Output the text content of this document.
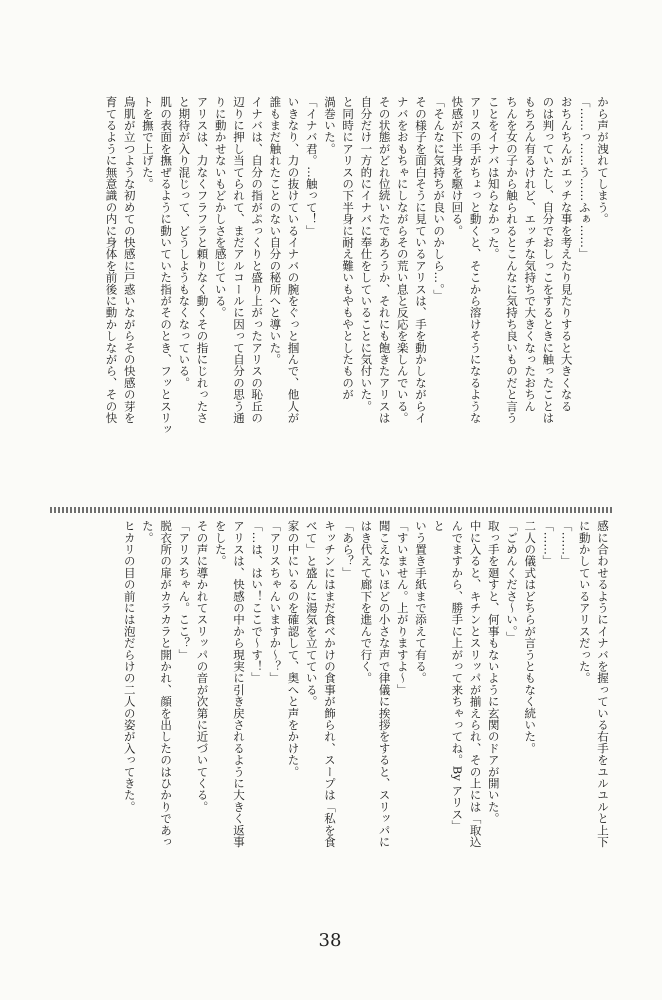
から声が洩れてしまう。

「……っ……う……ふぁ……」

おちんちんがエッチな事を考えたり見たりすると大きくなる

のは判っていたし、自分でおしっこをするときに触ったことは

もちろん有るけれど、エッチな気持ちで大きくなったおちん

ちんを女の子から触られるとこんなに気持ち良いものだと言う

ことをイナバは知らなかった。

アリスの手がちょっと動くと、そこから溶けそうになるような

快感が下半身を駆け回る。

「そんなに気持ちが良いのかしら…。」

その様子を面白そうに見ているアリスは、手を動かしながらイ

ナバをおもちゃにしながらその荒い息と反応を楽しんでいる。

その状態がどれ位続いたであろうか、それにも飽きたアリスは

自分だけ一方的にイナバに奉仕をしていることに気付いた。

と同時にアリスの下半身に耐え難いもやもやとしたものが

渦巻いた。

「イナバ君。…触って！」

いきなり、力の抜けているイナバの腕をぐっと掴んで、他人が

誰もまだ触れたことのない自分の秘所へと導いた。

イナバは、自分の指がぷっくりと盛り上がったアリスの恥丘の

辺りに押し当てられて、まだアルコールに因って自分の思う通

りに動かせないもどかしさを感じている。

アリスは、力なくフラフラと頼りなく動くその指にじれったさ

と期待が入り混じって、どうしようもなくなっている。

肌の表面を撫ぜるように動いていた指がそのとき、フッとスリッ

トを撫で上げた。

鳥肌が立つような初めての快感に戸惑いながらその快感の芽を

育てるように無意識の内に身体を前後に動かしながら、その快

感に合わせるようにイナバを握っている右手をユルユルと上下

に動かしているアリスだった。

「……」

「……」

二人の儀式はどちらが言うともなく続いた。

「ごめんくださ〜い。」

取っ手を廻すと、何事もないように玄関のドアが開いた。

中に入ると、キチンとスリッパが揃えられ、その上には「取込

んでますから、勝手に上がって来ちゃってね。By アリス」

と

いう置き手紙まで添えて有る。

「すいません。上がりますよ〜」

聞こえないほどの小さな声で律儀に挨拶をすると、スリッパに

はき代えて廊下を進んで行く。

「あら？」

キッチンにはまだ食べかけの食事が飾られ、スープは「私を食

べて」と盛んに湯気を立てている。

家の中にいるのを確認して、奥へと声をかけた。

「アリスちゃんいますか〜？」

「…は、はい！ここで〜す！」

アリスは、快感の中から現実に引き戻されるように大きく返事

をした。

その声に導かれてスリッパの音が次第に近づいてくる。

「アリスちゃん。ここ？」

脱衣所の扉がカラカラと開かれ、顔を出したのはひかりであっ

た。

ヒカリの目の前には泡だらけの二人の姿が入ってきた。

38
